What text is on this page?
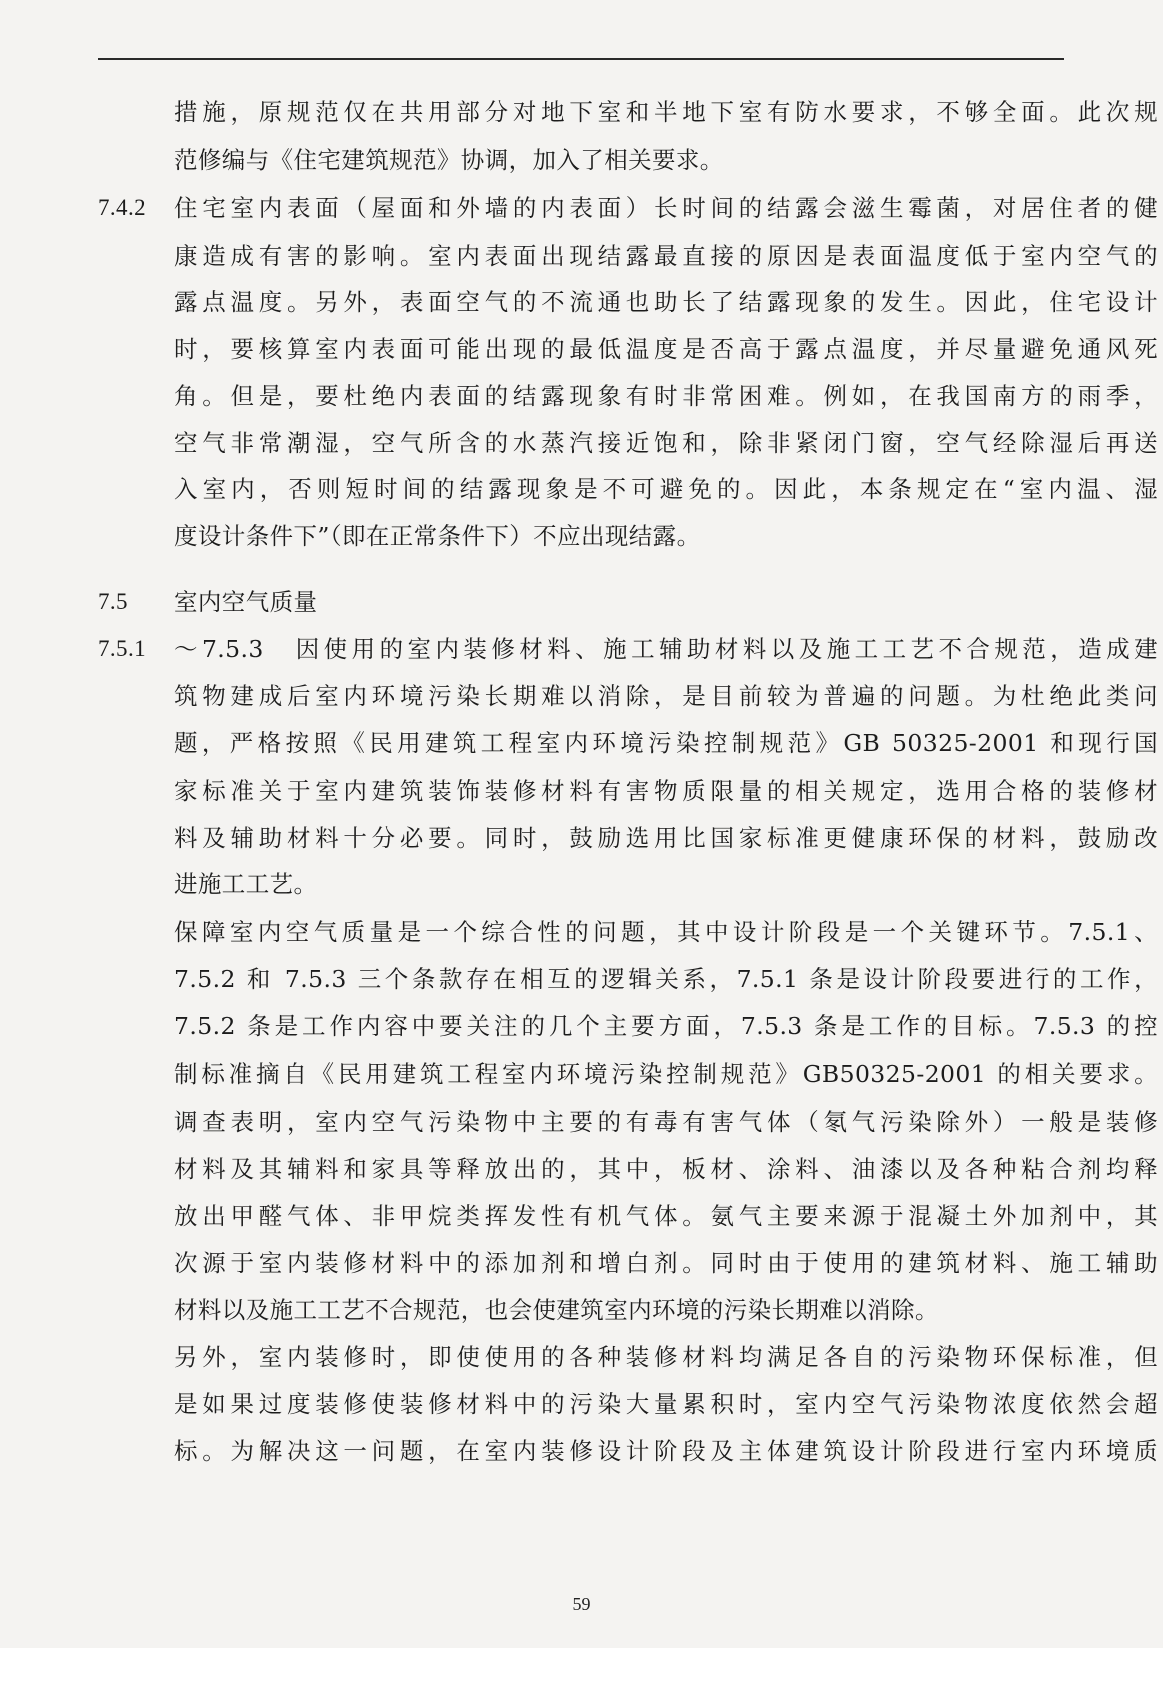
措施，原规范仅在共用部分对地下室和半地下室有防水要求，不够全面。此次规
范修编与《住宅建筑规范》协调，加入了相关要求。
7.4.2 住宅室内表面（屋面和外墙的内表面）长时间的结露会滋生霉菌，对居住者的健
康造成有害的影响。室内表面出现结露最直接的原因是表面温度低于室内空气的
露点温度。另外，表面空气的不流通也助长了结露现象的发生。因此，住宅设计
时，要核算室内表面可能出现的最低温度是否高于露点温度，并尽量避免通风死
角。但是，要杜绝内表面的结露现象有时非常困难。例如，在我国南方的雨季，
空气非常潮湿，空气所含的水蒸汽接近饱和，除非紧闭门窗，空气经除湿后再送
入室内，否则短时间的结露现象是不可避免的。因此，本条规定在“室内温、湿
度设计条件下”（即在正常条件下）不应出现结露。
7.5 室内空气质量
7.5.1 ～7.5.3　因使用的室内装修材料、施工辅助材料以及施工工艺不合规范，造成建
筑物建成后室内环境污染长期难以消除，是目前较为普遍的问题。为杜绝此类问
题，严格按照《民用建筑工程室内环境污染控制规范》GB 50325-2001 和现行国
家标准关于室内建筑装饰装修材料有害物质限量的相关规定，选用合格的装修材
料及辅助材料十分必要。同时，鼓励选用比国家标准更健康环保的材料，鼓励改
进施工工艺。
保障室内空气质量是一个综合性的问题，其中设计阶段是一个关键环节。7.5.1、
7.5.2 和 7.5.3 三个条款存在相互的逻辑关系，7.5.1 条是设计阶段要进行的工作，
7.5.2 条是工作内容中要关注的几个主要方面，7.5.3 条是工作的目标。7.5.3 的控
制标准摘自《民用建筑工程室内环境污染控制规范》GB50325-2001 的相关要求。
调查表明，室内空气污染物中主要的有毒有害气体（氡气污染除外）一般是装修
材料及其辅料和家具等释放出的，其中，板材、涂料、油漆以及各种粘合剂均释
放出甲醛气体、非甲烷类挥发性有机气体。氨气主要来源于混凝土外加剂中，其
次源于室内装修材料中的添加剂和增白剂。同时由于使用的建筑材料、施工辅助
材料以及施工工艺不合规范，也会使建筑室内环境的污染长期难以消除。
另外，室内装修时，即使使用的各种装修材料均满足各自的污染物环保标准，但
是如果过度装修使装修材料中的污染大量累积时，室内空气污染物浓度依然会超
标。为解决这一问题，在室内装修设计阶段及主体建筑设计阶段进行室内环境质
59
